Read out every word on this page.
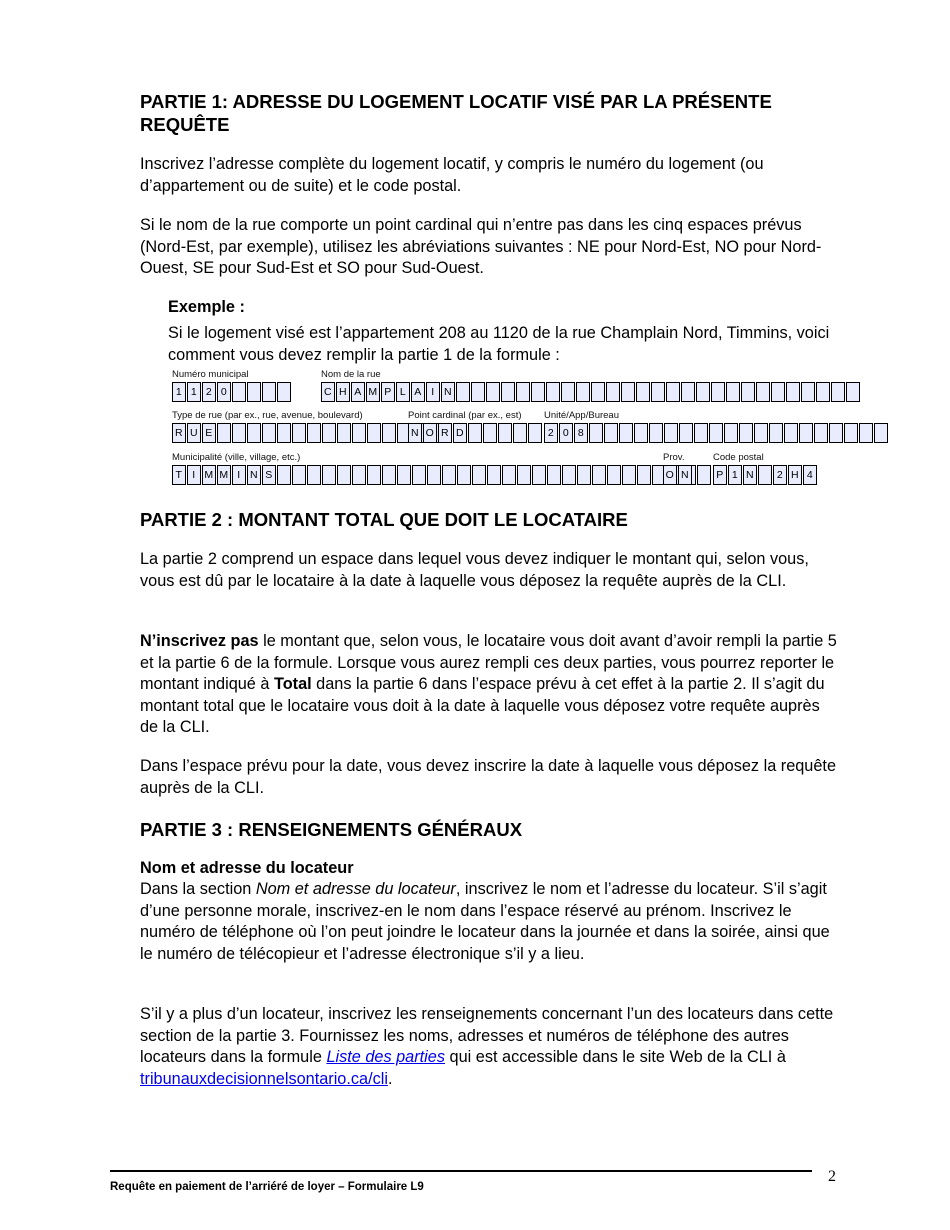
PARTIE 1: ADRESSE DU LOGEMENT LOCATIF VISÉ PAR LA PRÉSENTE REQUÊTE

Inscrivez l’adresse complète du logement locatif, y compris le numéro du logement (ou d’appartement ou de suite) et le code postal.

Si le nom de la rue comporte un point cardinal qui n’entre pas dans les cinq espaces prévus (Nord-Est, par exemple), utilisez les abréviations suivantes : NE pour Nord-Est, NO pour Nord-Ouest, SE pour Sud-Est et SO pour Sud-Ouest.

Exemple :

Si le logement visé est l’appartement 208 au 1120 de la rue Champlain Nord, Timmins, voici comment vous devez remplir la partie 1 de la formule :

Numéro municipal
1 1 2 0
Nom de la rue
C H A M P L A I N
Type de rue (par ex., rue, avenue, boulevard)
R U E
Point cardinal (par ex., est)
N O R D
Unité/App/Bureau
2 0 8
Municipalité (ville, village, etc.)
T I M M I N S
Prov.
O N
Code postal
P 1 N	2 H 4
PARTIE 2 : MONTANT TOTAL QUE DOIT LE LOCATAIRE

La partie 2 comprend un espace dans lequel vous devez indiquer le montant qui, selon vous, vous est dû par le locataire à la date à laquelle vous déposez la requête auprès de la CLI.

N’inscrivez pas le montant que, selon vous, le locataire vous doit avant d’avoir rempli la partie 5 et la partie 6 de la formule. Lorsque vous aurez rempli ces deux parties, vous pourrez reporter le montant indiqué à Total dans la partie 6 dans l’espace prévu à cet effet à la partie 2. Il s’agit du montant total que le locataire vous doit à la date à laquelle vous déposez votre requête auprès de la CLI.

Dans l’espace prévu pour la date, vous devez inscrire la date à laquelle vous déposez la requête auprès de la CLI.

PARTIE 3 : RENSEIGNEMENTS GÉNÉRAUX

Nom et adresse du locateur

Dans la section Nom et adresse du locateur, inscrivez le nom et l’adresse du locateur. S’il s’agit d’une personne morale, inscrivez-en le nom dans l’espace réservé au prénom. Inscrivez le numéro de téléphone où l’on peut joindre le locateur dans la journée et dans la soirée, ainsi que le numéro de télécopieur et l’adresse électronique s’il y a lieu.

S’il y a plus d’un locateur, inscrivez les renseignements concernant l’un des locateurs dans cette section de la partie 3. Fournissez les noms, adresses et numéros de téléphone des autres locateurs dans la formule Liste des parties qui est accessible dans le site Web de la CLI à tribunauxdecisionnelsontario.ca/cli.

Requête en paiement de l’arriéré de loyer – Formulaire L9
2
